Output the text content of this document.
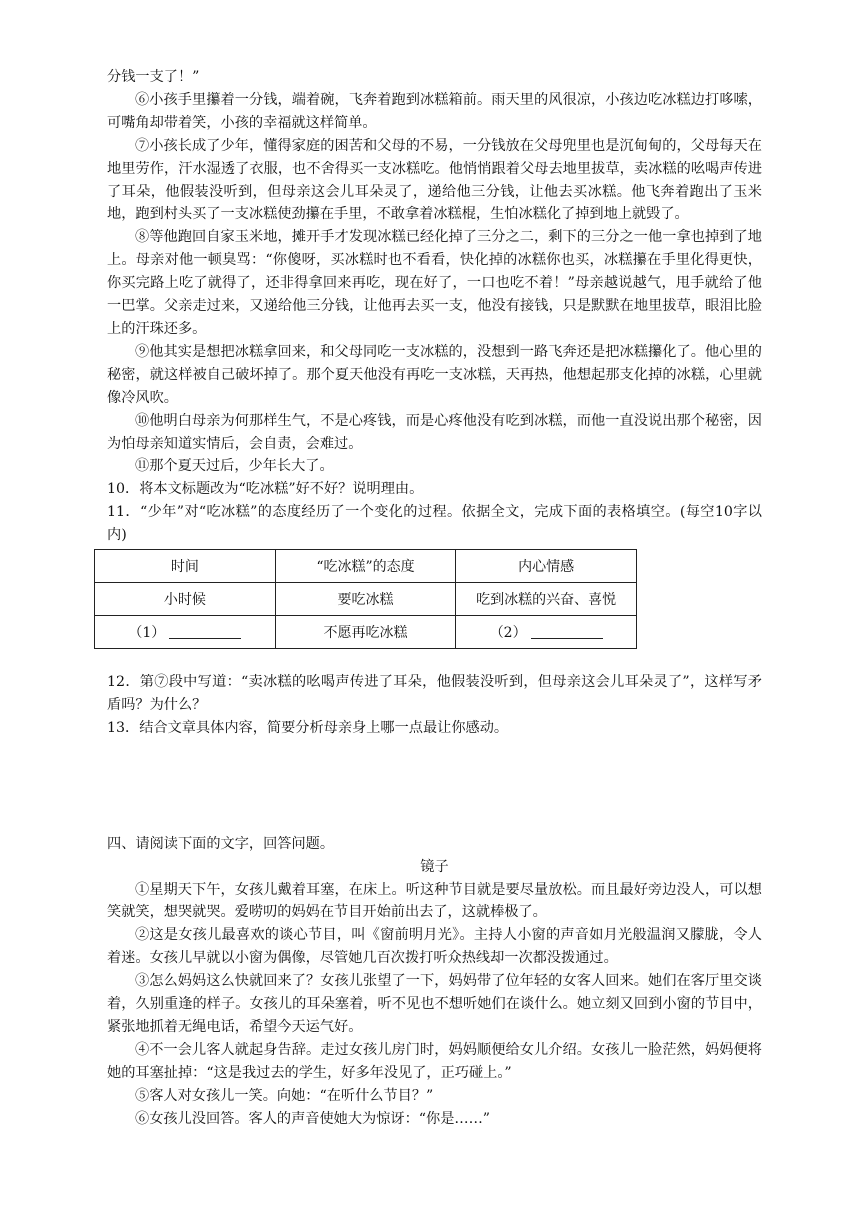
分钱一支了！”

⑥小孩手里攥着一分钱，端着碗，飞奔着跑到冰糕箱前。雨天里的风很凉，小孩边吃冰糕边打哆嗦，可嘴角却带着笑，小孩的幸福就这样简单。

⑦小孩长成了少年，懂得家庭的困苦和父母的不易，一分钱放在父母兜里也是沉甸甸的，父母每天在地里劳作，汗水湿透了衣服，也不舍得买一支冰糕吃。他悄悄跟着父母去地里拔草，卖冰糕的吆喝声传进了耳朵，他假装没听到，但母亲这会儿耳朵灵了，递给他三分钱，让他去买冰糕。他飞奔着跑出了玉米地，跑到村头买了一支冰糕使劲攥在手里，不敢拿着冰糕棍，生怕冰糕化了掉到地上就毁了。

⑧等他跑回自家玉米地，摊开手才发现冰糕已经化掉了三分之二，剩下的三分之一他一拿也掉到了地上。母亲对他一顿臭骂：“你傻呀，买冰糕时也不看看，快化掉的冰糕你也买，冰糕攥在手里化得更快，你买完路上吃了就得了，还非得拿回来再吃，现在好了，一口也吃不着！”母亲越说越气，甩手就给了他一巴掌。父亲走过来，又递给他三分钱，让他再去买一支，他没有接钱，只是默默在地里拔草，眼泪比脸上的汗珠还多。

⑨他其实是想把冰糕拿回来，和父母同吃一支冰糕的，没想到一路飞奔还是把冰糕攥化了。他心里的秘密，就这样被自己破坏掉了。那个夏天他没有再吃一支冰糕，天再热，他想起那支化掉的冰糕，心里就像冷风吹。

⑩他明白母亲为何那样生气，不是心疼钱，而是心疼他没有吃到冰糕，而他一直没说出那个秘密，因为怕母亲知道实情后，会自责，会难过。

⑪那个夏天过后，少年长大了。

10．将本文标题改为“吃冰糕”好不好？说明理由。

11．“少年”对“吃冰糕”的态度经历了一个变化的过程。依据全文，完成下面的表格填空。(每空10字以内)

时间	“吃冰糕”的态度	内心情感
小时候	要吃冰糕	吃到冰糕的兴奋、喜悦
（1）	不愿再吃冰糕	（2）

12．第⑦段中写道：“卖冰糕的吆喝声传进了耳朵，他假装没听到，但母亲这会儿耳朵灵了”，这样写矛盾吗？为什么？

13．结合文章具体内容，简要分析母亲身上哪一点最让你感动。

四、请阅读下面的文字，回答问题。

镜子

①星期天下午，女孩儿戴着耳塞，在床上。听这种节目就是要尽量放松。而且最好旁边没人，可以想笑就笑，想哭就哭。爱唠叨的妈妈在节目开始前出去了，这就棒极了。

②这是女孩儿最喜欢的谈心节目，叫《窗前明月光》。主持人小窗的声音如月光般温润又朦胧，令人着迷。女孩儿早就以小窗为偶像，尽管她几百次拨打听众热线却一次都没拨通过。

③怎么妈妈这么快就回来了？女孩儿张望了一下，妈妈带了位年轻的女客人回来。她们在客厅里交谈着，久别重逢的样子。女孩儿的耳朵塞着，听不见也不想听她们在谈什么。她立刻又回到小窗的节目中，紧张地抓着无绳电话，希望今天运气好。

④不一会儿客人就起身告辞。走过女孩儿房门时，妈妈顺便给女儿介绍。女孩儿一脸茫然，妈妈便将她的耳塞扯掉：“这是我过去的学生，好多年没见了，正巧碰上。”

⑤客人对女孩儿一笑。向她：“在听什么节目？”

⑥女孩儿没回答。客人的声音使她大为惊讶：“你是……”
